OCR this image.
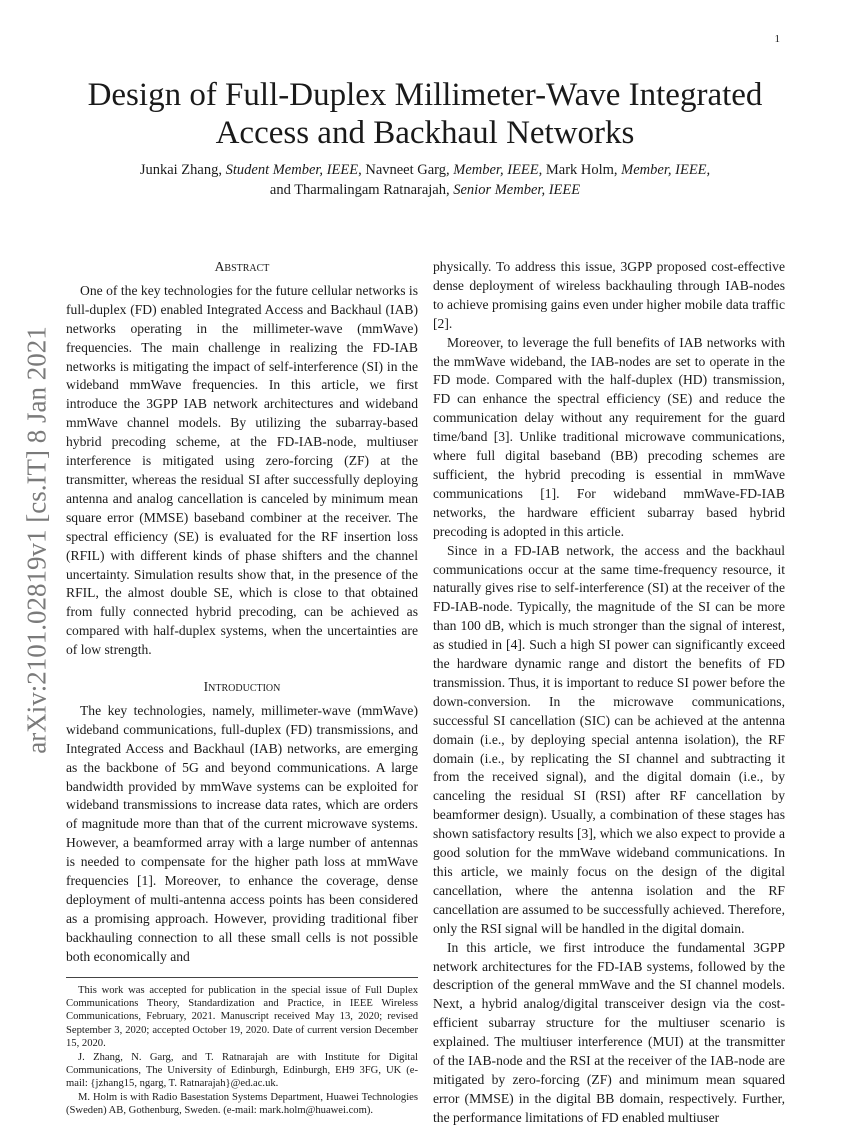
1
arXiv:2101.02819v1 [cs.IT] 8 Jan 2021
Design of Full-Duplex Millimeter-Wave Integrated Access and Backhaul Networks
Junkai Zhang, Student Member, IEEE, Navneet Garg, Member, IEEE, Mark Holm, Member, IEEE,
and Tharmalingam Ratnarajah, Senior Member, IEEE
Abstract

One of the key technologies for the future cellular networks is full-duplex (FD) enabled Integrated Access and Backhaul (IAB) networks operating in the millimeter-wave (mmWave) frequencies. The main challenge in realizing the FD-IAB networks is mitigating the impact of self-interference (SI) in the wideband mmWave frequencies. In this article, we first introduce the 3GPP IAB network architectures and wideband mmWave channel models. By utilizing the subarray-based hybrid precoding scheme, at the FD-IAB-node, multiuser interference is mitigated using zero-forcing (ZF) at the transmitter, whereas the residual SI after successfully deploying antenna and analog cancellation is canceled by minimum mean square error (MMSE) baseband combiner at the receiver. The spectral efficiency (SE) is evaluated for the RF insertion loss (RFIL) with different kinds of phase shifters and the channel uncertainty. Simulation results show that, in the presence of the RFIL, the almost double SE, which is close to that obtained from fully connected hybrid precoding, can be achieved as compared with half-duplex systems, when the uncertainties are of low strength.

Introduction

The key technologies, namely, millimeter-wave (mmWave) wideband communications, full-duplex (FD) transmissions, and Integrated Access and Backhaul (IAB) networks, are emerging as the backbone of 5G and beyond communications. A large bandwidth provided by mmWave systems can be exploited for wideband transmissions to increase data rates, which are orders of magnitude more than that of the current microwave systems. However, a beamformed array with a large number of antennas is needed to compensate for the higher path loss at mmWave frequencies [1]. Moreover, to enhance the coverage, dense deployment of multi-antenna access points has been considered as a promising approach. However, providing traditional fiber backhauling connection to all these small cells is not possible both economically and

This work was accepted for publication in the special issue of Full Duplex Communications Theory, Standardization and Practice, in IEEE Wireless Communications, February, 2021. Manuscript received May 13, 2020; revised September 3, 2020; accepted October 19, 2020. Date of current version December 15, 2020.

J. Zhang, N. Garg, and T. Ratnarajah are with Institute for Digital Communications, The University of Edinburgh, Edinburgh, EH9 3FG, UK (e-mail: {jzhang15, ngarg, T. Ratnarajah}@ed.ac.uk.

M. Holm is with Radio Basestation Systems Department, Huawei Technologies (Sweden) AB, Gothenburg, Sweden. (e-mail: mark.holm@huawei.com).

physically. To address this issue, 3GPP proposed cost-effective dense deployment of wireless backhauling through IAB-nodes to achieve promising gains even under higher mobile data traffic [2].

Moreover, to leverage the full benefits of IAB networks with the mmWave wideband, the IAB-nodes are set to operate in the FD mode. Compared with the half-duplex (HD) transmission, FD can enhance the spectral efficiency (SE) and reduce the communication delay without any requirement for the guard time/band [3]. Unlike traditional microwave communications, where full digital baseband (BB) precoding schemes are sufficient, the hybrid precoding is essential in mmWave communications [1]. For wideband mmWave-FD-IAB networks, the hardware efficient subarray based hybrid precoding is adopted in this article.

Since in a FD-IAB network, the access and the backhaul communications occur at the same time-frequency resource, it naturally gives rise to self-interference (SI) at the receiver of the FD-IAB-node. Typically, the magnitude of the SI can be more than 100 dB, which is much stronger than the signal of interest, as studied in [4]. Such a high SI power can significantly exceed the hardware dynamic range and distort the benefits of FD transmission. Thus, it is important to reduce SI power before the down-conversion. In the microwave communications, successful SI cancellation (SIC) can be achieved at the antenna domain (i.e., by deploying special antenna isolation), the RF domain (i.e., by replicating the SI channel and subtracting it from the received signal), and the digital domain (i.e., by canceling the residual SI (RSI) after RF cancellation by beamformer design). Usually, a combination of these stages has shown satisfactory results [3], which we also expect to provide a good solution for the mmWave wideband communications. In this article, we mainly focus on the design of the digital cancellation, where the antenna isolation and the RF cancellation are assumed to be successfully achieved. Therefore, only the RSI signal will be handled in the digital domain.

In this article, we first introduce the fundamental 3GPP network architectures for the FD-IAB systems, followed by the description of the general mmWave and the SI channel models. Next, a hybrid analog/digital transceiver design via the cost-efficient subarray structure for the multiuser scenario is explained. The multiuser interference (MUI) at the transmitter of the IAB-node and the RSI at the receiver of the IAB-node are mitigated by zero-forcing (ZF) and minimum mean squared error (MMSE) in the digital BB domain, respectively. Further, the performance limitations of FD enabled multiuser
